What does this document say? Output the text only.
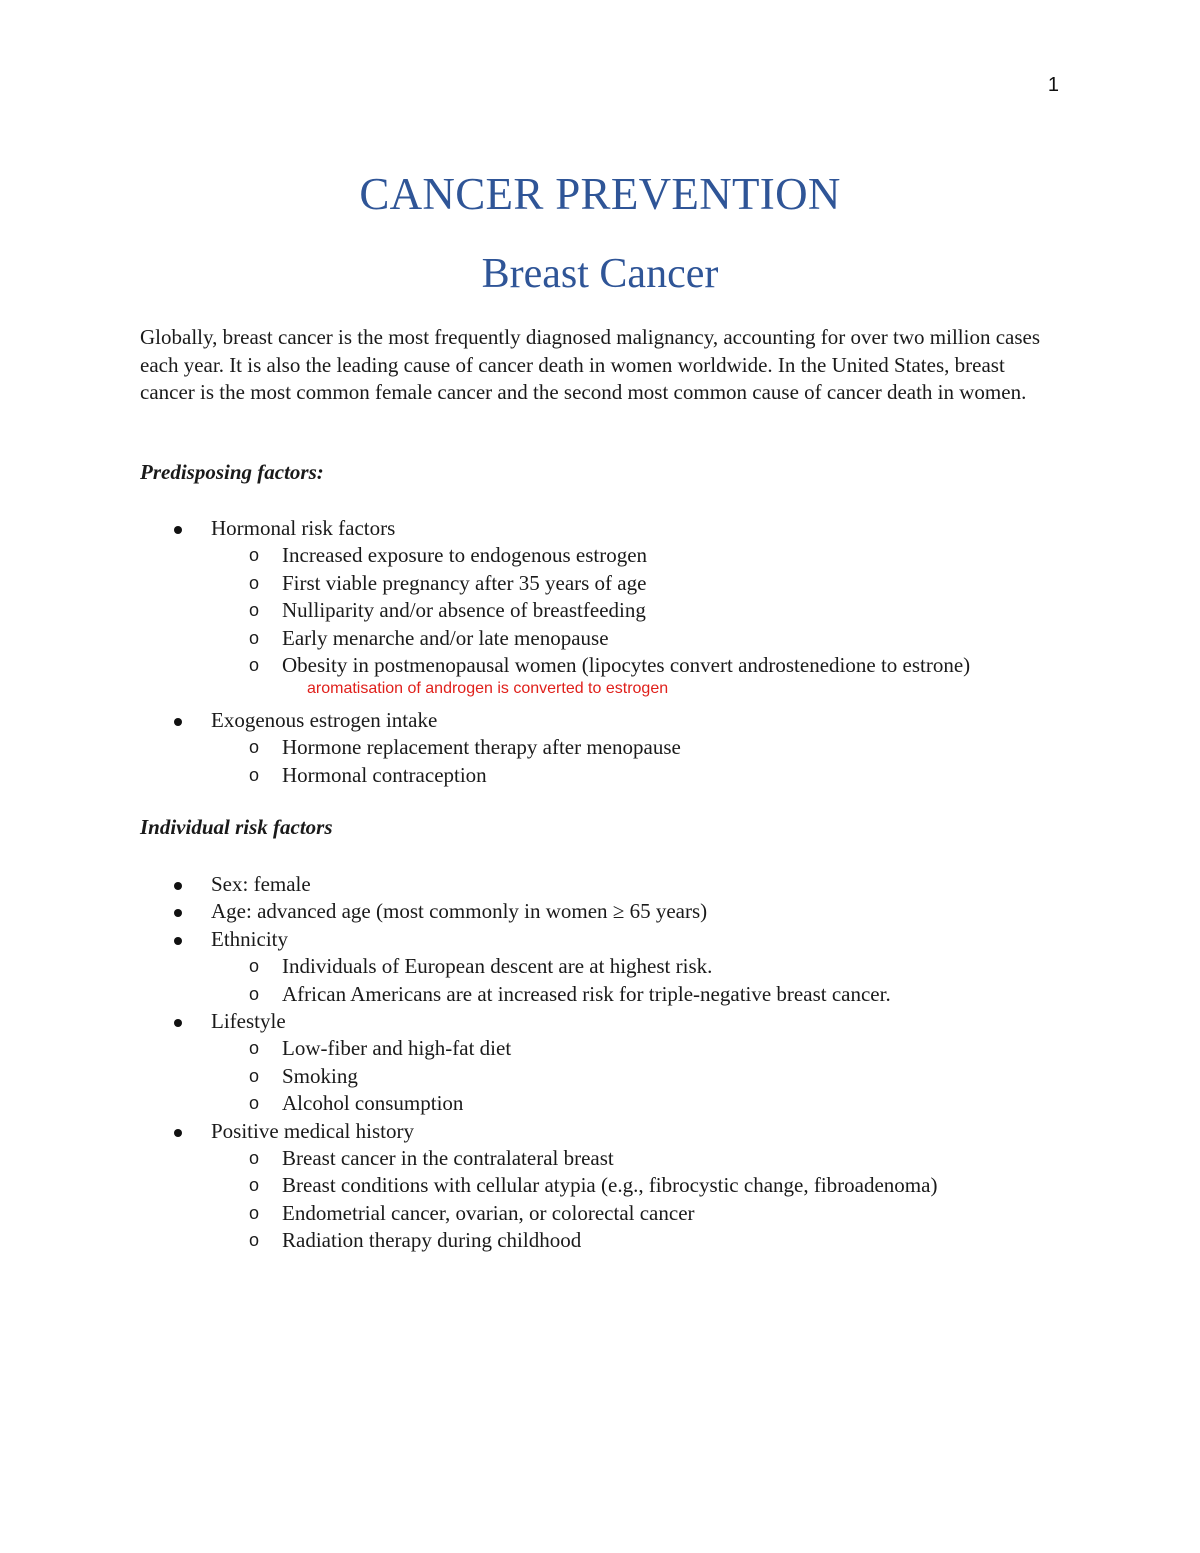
1
CANCER PREVENTION
Breast Cancer

Globally, breast cancer is the most frequently diagnosed malignancy, accounting for over two million cases each year. It is also the leading cause of cancer death in women worldwide. In the United States, breast cancer is the most common female cancer and the second most common cause of cancer death in women.

Predisposing factors:

Hormonal risk factors
o Increased exposure to endogenous estrogen
o First viable pregnancy after 35 years of age
o Nulliparity and/or absence of breastfeeding
o Early menarche and/or late menopause
o Obesity in postmenopausal women (lipocytes convert androstenedione to estrone)
Exogenous estrogen intake
o Hormone replacement therapy after menopause
o Hormonal contraception
aromatisation of androgen is converted to estrogen

Individual risk factors

Sex: female
Age: advanced age (most commonly in women ≥ 65 years)
Ethnicity
o Individuals of European descent are at highest risk.
o African Americans are at increased risk for triple-negative breast cancer.
Lifestyle
o Low-fiber and high-fat diet
o Smoking
o Alcohol consumption
Positive medical history
o Breast cancer in the contralateral breast
o Breast conditions with cellular atypia (e.g., fibrocystic change, fibroadenoma)
o Endometrial cancer, ovarian, or colorectal cancer
o Radiation therapy during childhood
